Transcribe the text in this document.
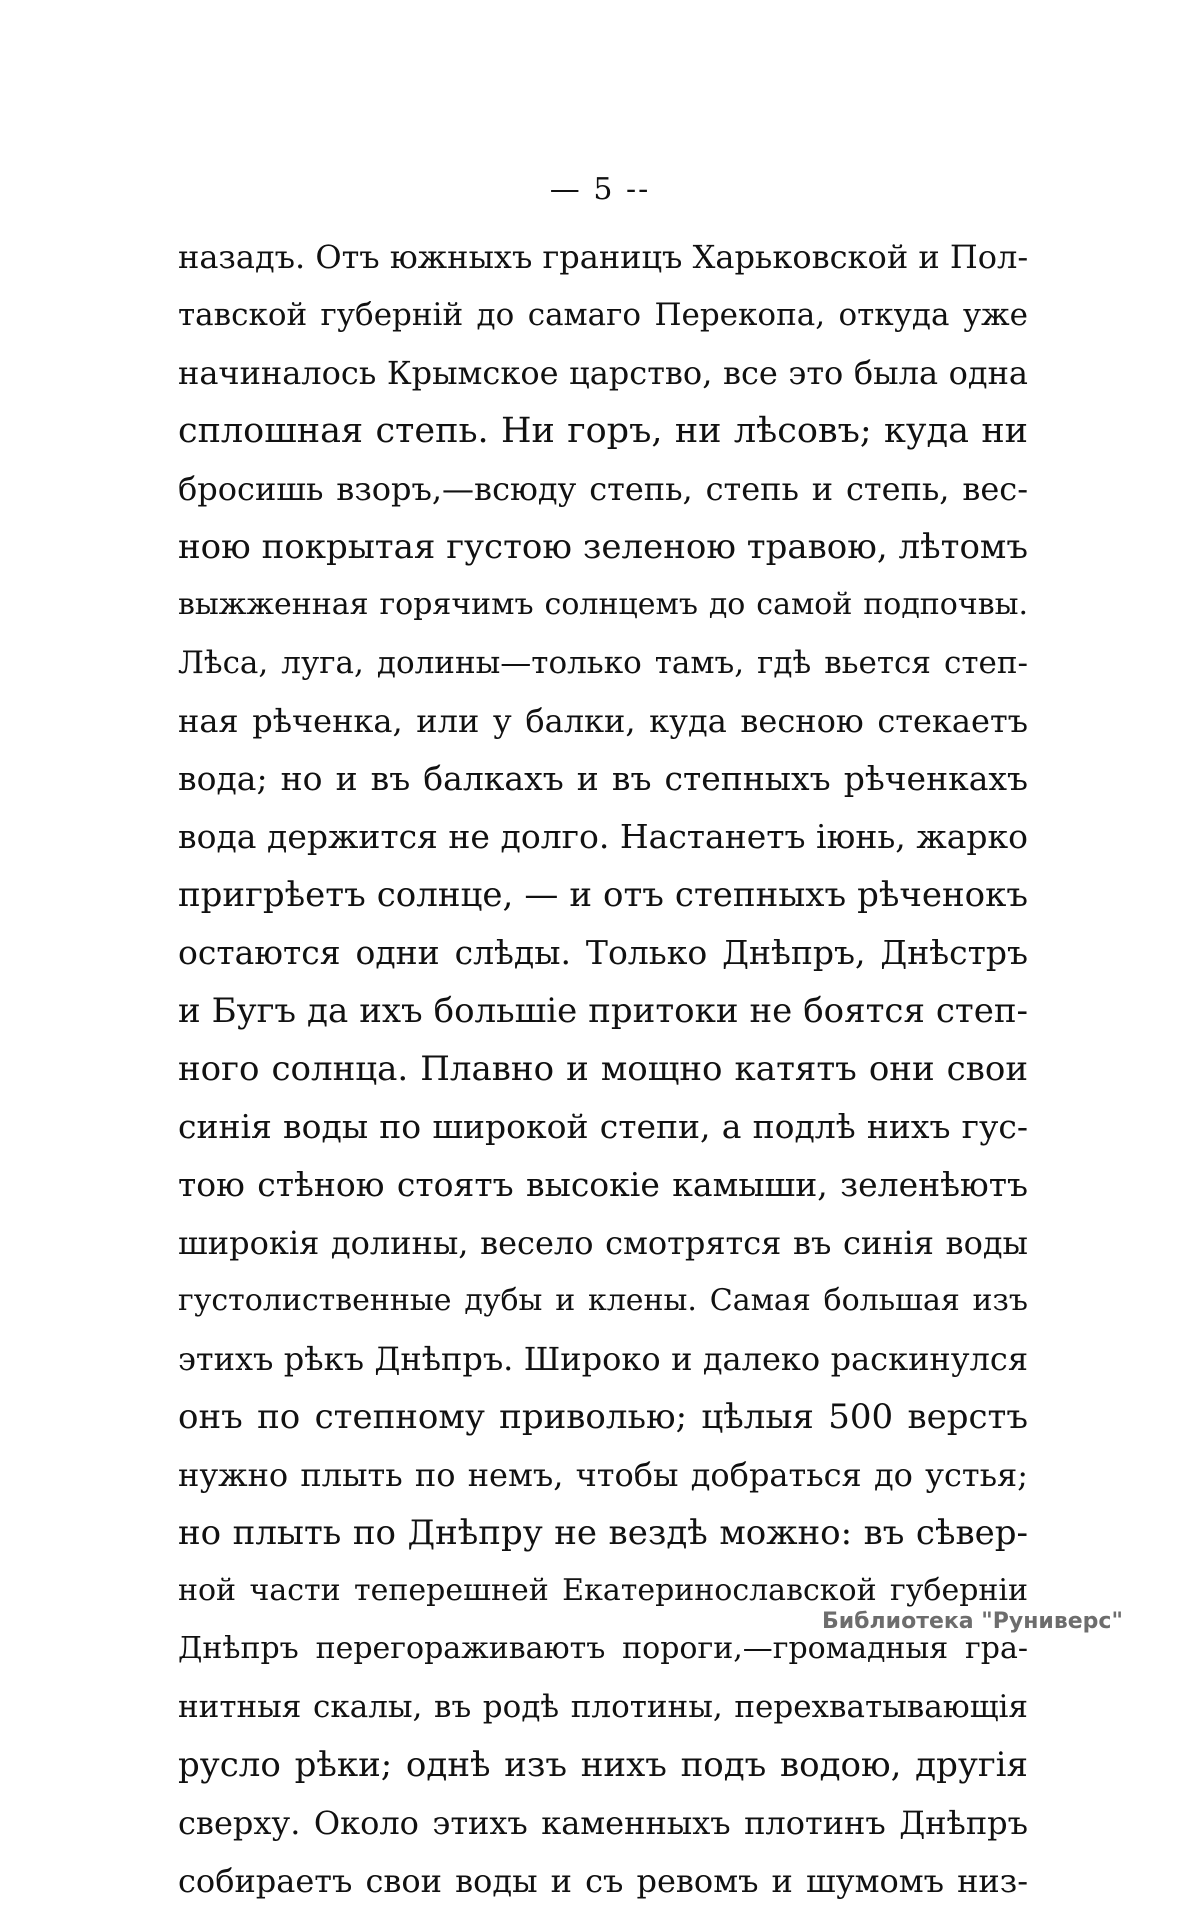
— 5 --
назадъ. Отъ южныхъ границъ Харьковской и Пол-
тавской губерній до самаго Перекопа, откуда уже
начиналось Крымское царство, все это была одна
сплошная степь. Ни горъ, ни лѣсовъ; куда ни
бросишь взоръ,—всюду степь, степь и степь, вес-
ною покрытая густою зеленою травою, лѣтомъ
выжженная горячимъ солнцемъ до самой подпочвы.
Лѣса, луга, долины—только тамъ, гдѣ вьется степ-
ная рѣченка, или у балки, куда весною стекаетъ
вода; но и въ балкахъ и въ степныхъ рѣченкахъ
вода держится не долго. Настанетъ іюнь, жарко
пригрѣетъ солнце, — и отъ степныхъ рѣченокъ
остаются одни слѣды. Только Днѣпръ, Днѣстръ
и Бугъ да ихъ большіе притоки не боятся степ-
ного солнца. Плавно и мощно катятъ они свои
синія воды по широкой степи, а подлѣ нихъ гус-
тою стѣною стоятъ высокіе камыши, зеленѣютъ
широкія долины, весело смотрятся въ синія воды
густолиственные дубы и клены. Самая большая изъ
этихъ рѣкъ Днѣпръ. Широко и далеко раскинулся
онъ по степному приволью; цѣлыя 500 верстъ
нужно плыть по немъ, чтобы добраться до устья;
но плыть по Днѣпру не вездѣ можно: въ сѣвер-
ной части теперешней Екатеринославской губерніи
Днѣпръ перегораживаютъ пороги,—громадныя гра-
нитныя скалы, въ родѣ плотины, перехватывающія
русло рѣки; однѣ изъ нихъ подъ водою, другія
сверху. Около этихъ каменныхъ плотинъ Днѣпръ
собираетъ свои воды и съ ревомъ и шумомъ низ-
Библиотека "Руниверс"
